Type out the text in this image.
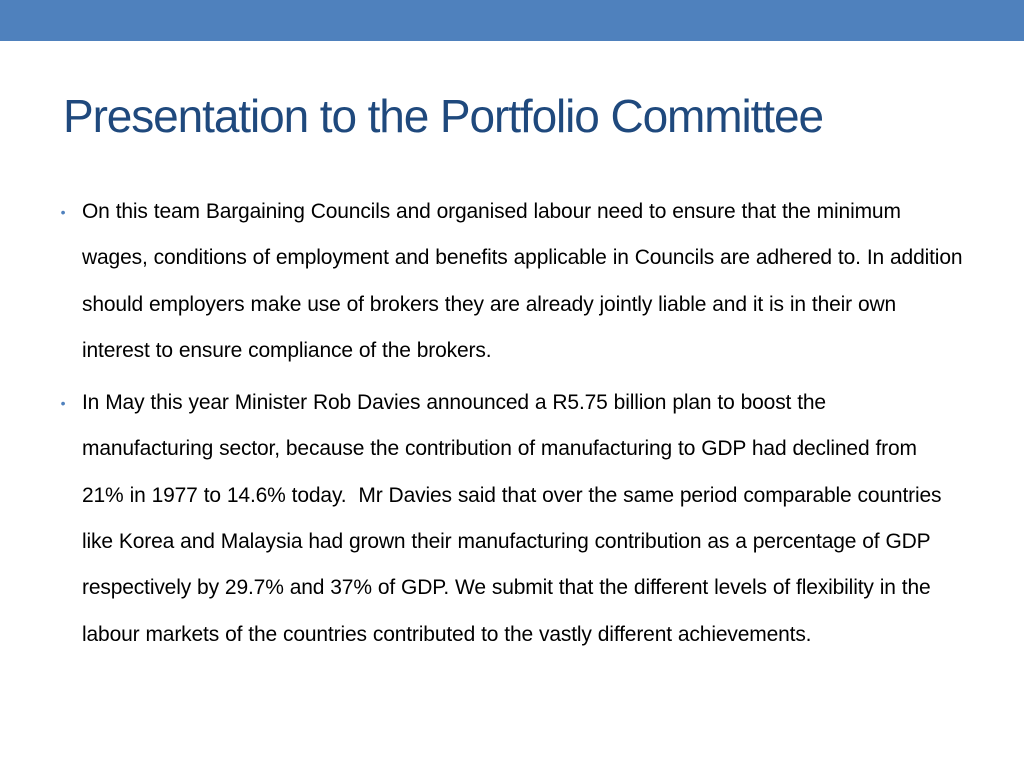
Presentation to the Portfolio Committee
• On this team Bargaining Councils and organised labour need to ensure that the minimum wages, conditions of employment and benefits applicable in Councils are adhered to. In addition should employers make use of brokers they are already jointly liable and it is in their own interest to ensure compliance of the brokers.
• In May this year Minister Rob Davies announced a R5.75 billion plan to boost the manufacturing sector, because the contribution of manufacturing to GDP had declined from 21% in 1977 to 14.6% today.  Mr Davies said that over the same period comparable countries like Korea and Malaysia had grown their manufacturing contribution as a percentage of GDP respectively by 29.7% and 37% of GDP. We submit that the different levels of flexibility in the labour markets of the countries contributed to the vastly different achievements.
